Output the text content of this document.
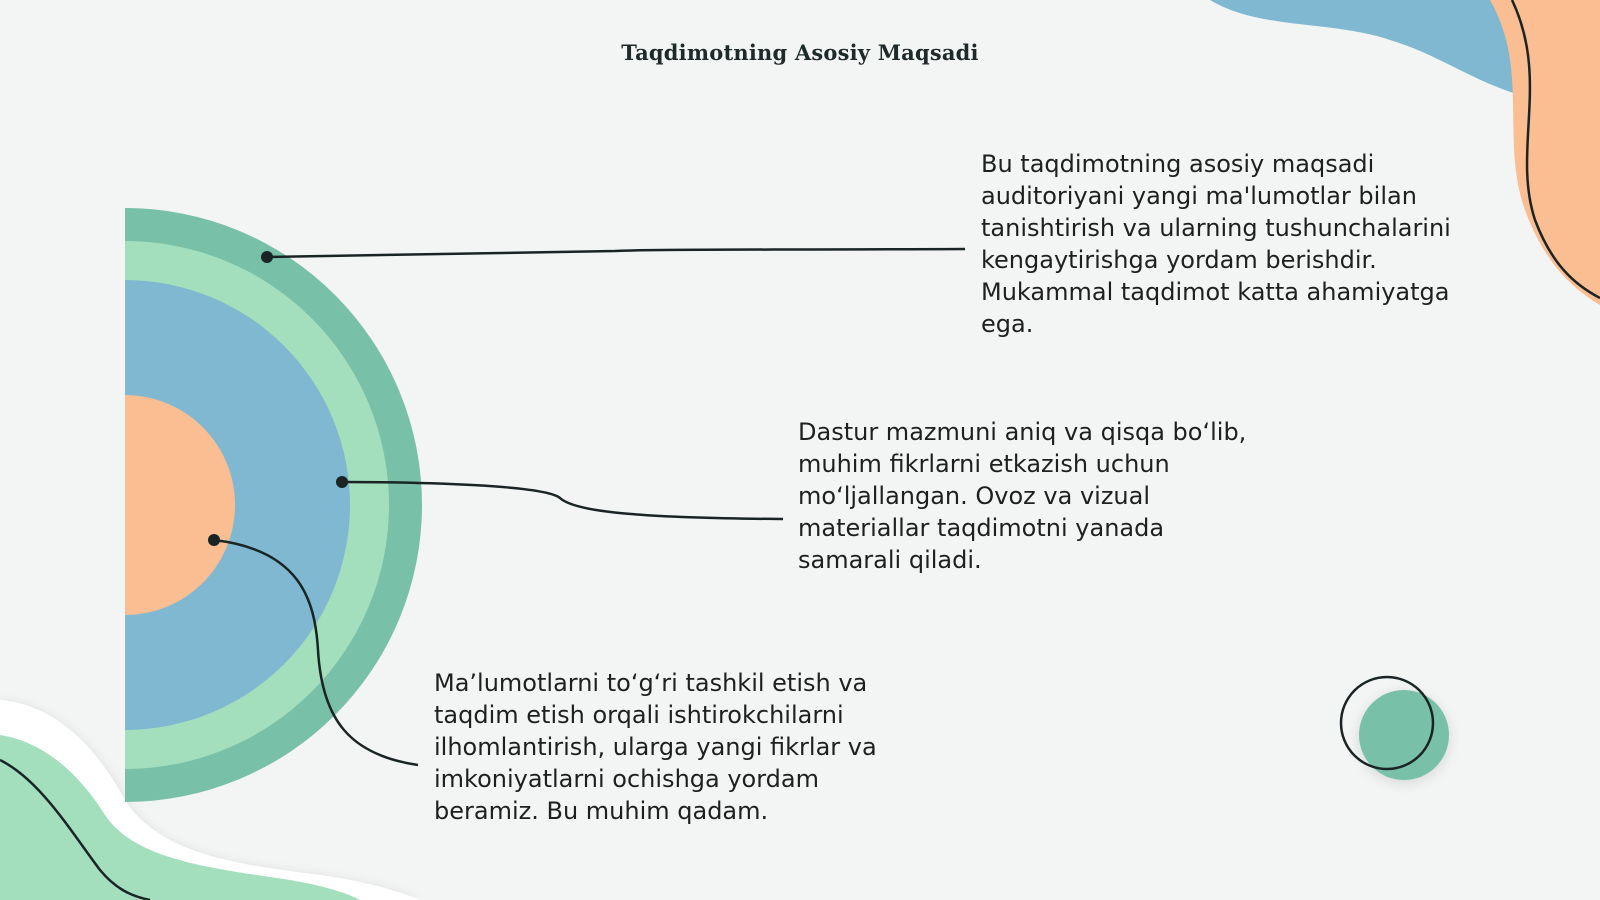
Taqdimotning Asosiy Maqsadi

Bu taqdimotning asosiy maqsadi auditoriyani yangi ma'lumotlar bilan tanishtirish va ularning tushunchalarini kengaytirishga yordam berishdir. Mukammal taqdimot katta ahamiyatga ega.

Dastur mazmuni aniq va qisqa bo‘lib, muhim fikrlarni etkazish uchun mo‘ljallangan. Ovoz va vizual materiallar taqdimotni yanada samarali qiladi.

Ma’lumotlarni to‘g‘ri tashkil etish va taqdim etish orqali ishtirokchilarni ilhomlantirish, ularga yangi fikrlar va imkoniyatlarni ochishga yordam beramiz. Bu muhim qadam.
